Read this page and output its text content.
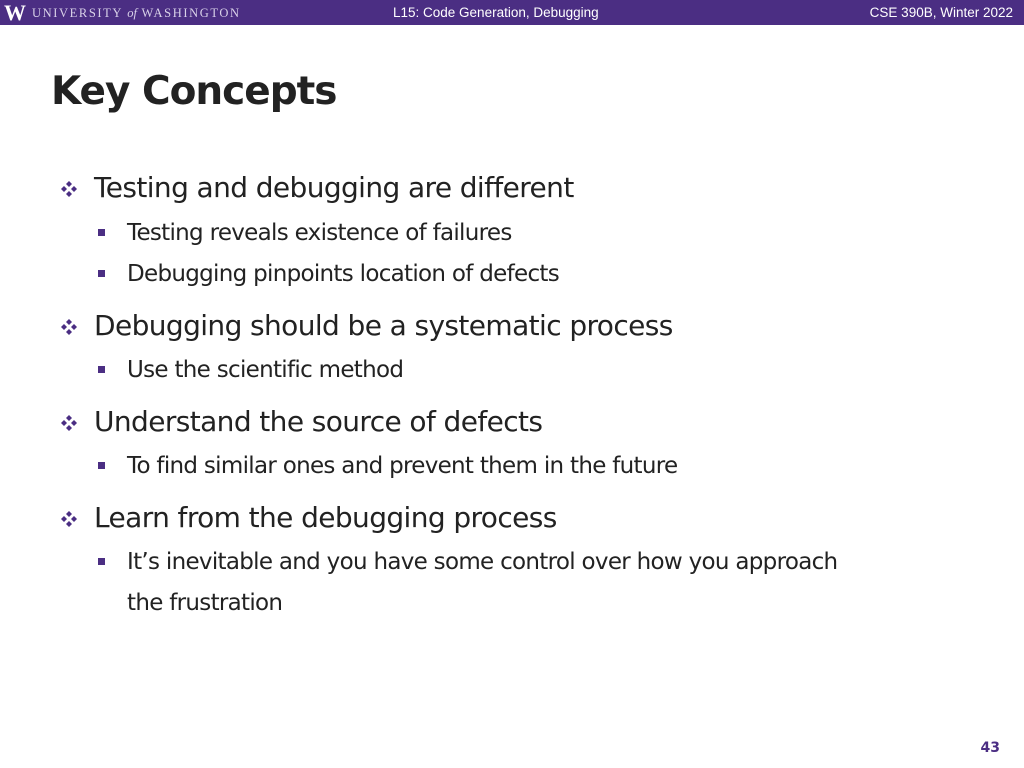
W UNIVERSITY of WASHINGTON	L15: Code Generation, Debugging	CSE 390B, Winter 2022
Key Concepts
Testing and debugging are different
Testing reveals existence of failures
Debugging pinpoints location of defects
Debugging should be a systematic process
Use the scientific method
Understand the source of defects
To find similar ones and prevent them in the future
Learn from the debugging process
It’s inevitable and you have some control over how you approach
the frustration
43
